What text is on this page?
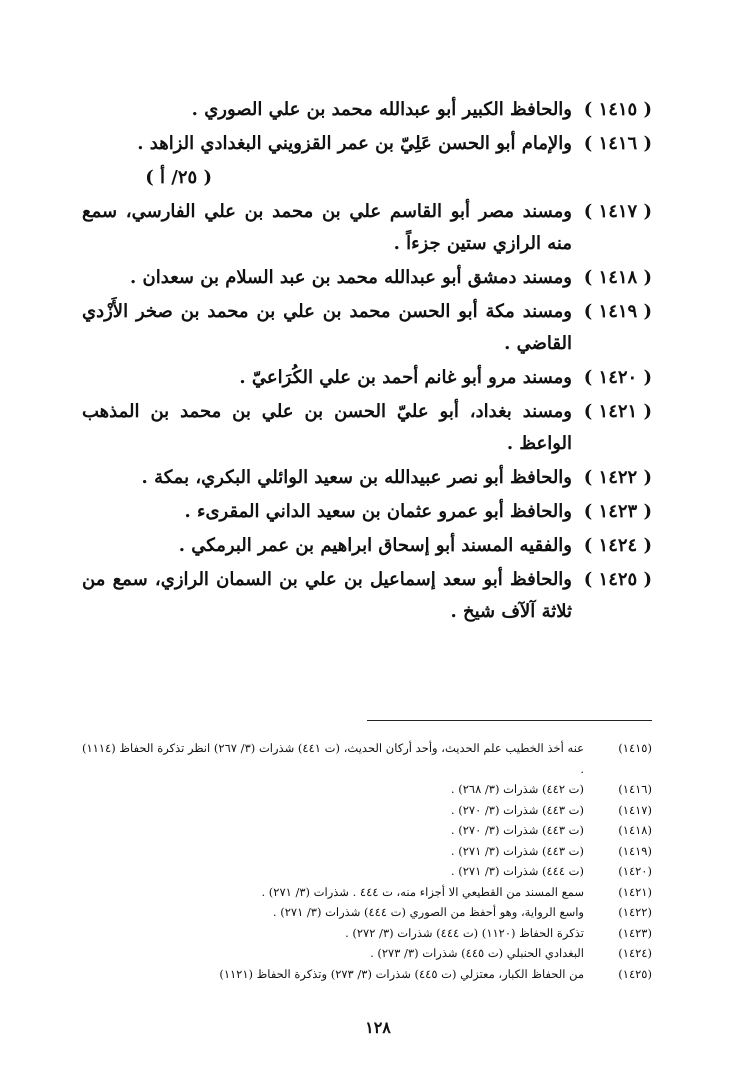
( ١٤١٥ )
والحافظ الكبير أبو عبدالله محمد بن علي الصوري .
( ١٤١٦ )
والإمام أبو الحسن عَلِيّ بن عمر القزويني البغدادي الزاهد .
( ٢٥/ أ )
( ١٤١٧ )
ومسند مصر أبو القاسم علي بن محمد بن علي الفارسي، سمع منه الرازي ستين جزءاً .
( ١٤١٨ )
ومسند دمشق أبو عبدالله محمد بن عبد السلام بن سعدان .
( ١٤١٩ )
ومسند مكة أبو الحسن محمد بن علي بن محمد بن صخر الأَزْدي القاضي .
( ١٤٢٠ )
ومسند مرو أبو غانم أحمد بن علي الكُرَاعيّ .
( ١٤٢١ )
ومسند بغداد، أبو عليّ الحسن بن علي بن محمد بن المذهب الواعظ .
( ١٤٢٢ )
والحافظ أبو نصر عبيدالله بن سعيد الوائلي البكري، بمكة .
( ١٤٢٣ )
والحافظ أبو عمرو عثمان بن سعيد الداني المقرىء .
( ١٤٢٤ )
والفقيه المسند أبو إسحاق ابراهيم بن عمر البرمكي .
( ١٤٢٥ )
والحافظ أبو سعد إسماعيل بن علي بن السمان الرازي، سمع من ثلاثة آلآف شيخ .
(١٤١٥)
عنه أخذ الخطيب علم الحديث، وأحد أركان الحديث، (ت ٤٤١) شذرات (٣/ ٢٦٧) انظر تذكرة الحفاظ (١١١٤) .
(١٤١٦)
(ت ٤٤٢) شذرات (٣/ ٢٦٨) .
(١٤١٧)
(ت ٤٤٣) شذرات (٣/ ٢٧٠) .
(١٤١٨)
(ت ٤٤٣) شذرات (٣/ ٢٧٠) .
(١٤١٩)
(ت ٤٤٣) شذرات (٣/ ٢٧١) .
(١٤٢٠)
(ت ٤٤٤) شذرات (٣/ ٢٧١) .
(١٤٢١)
سمع المسند من القطيعي الا أجزاء منه، ت ٤٤٤ . شذرات (٣/ ٢٧١) .
(١٤٢٢)
واسع الرواية، وهو أحفظ من الصوري (ت ٤٤٤) شذرات (٣/ ٢٧١) .
(١٤٢٣)
تذكرة الحفاظ (١١٢٠) (ت ٤٤٤) شذرات (٣/ ٢٧٢) .
(١٤٢٤)
البغدادي الحنبلي (ت ٤٤٥) شذرات (٣/ ٢٧٣) .
(١٤٢٥)
من الحفاظ الكبار، معتزلي (ت ٤٤٥) شذرات (٣/ ٢٧٣) وتذكرة الحفاظ (١١٢١)
١٢٨
